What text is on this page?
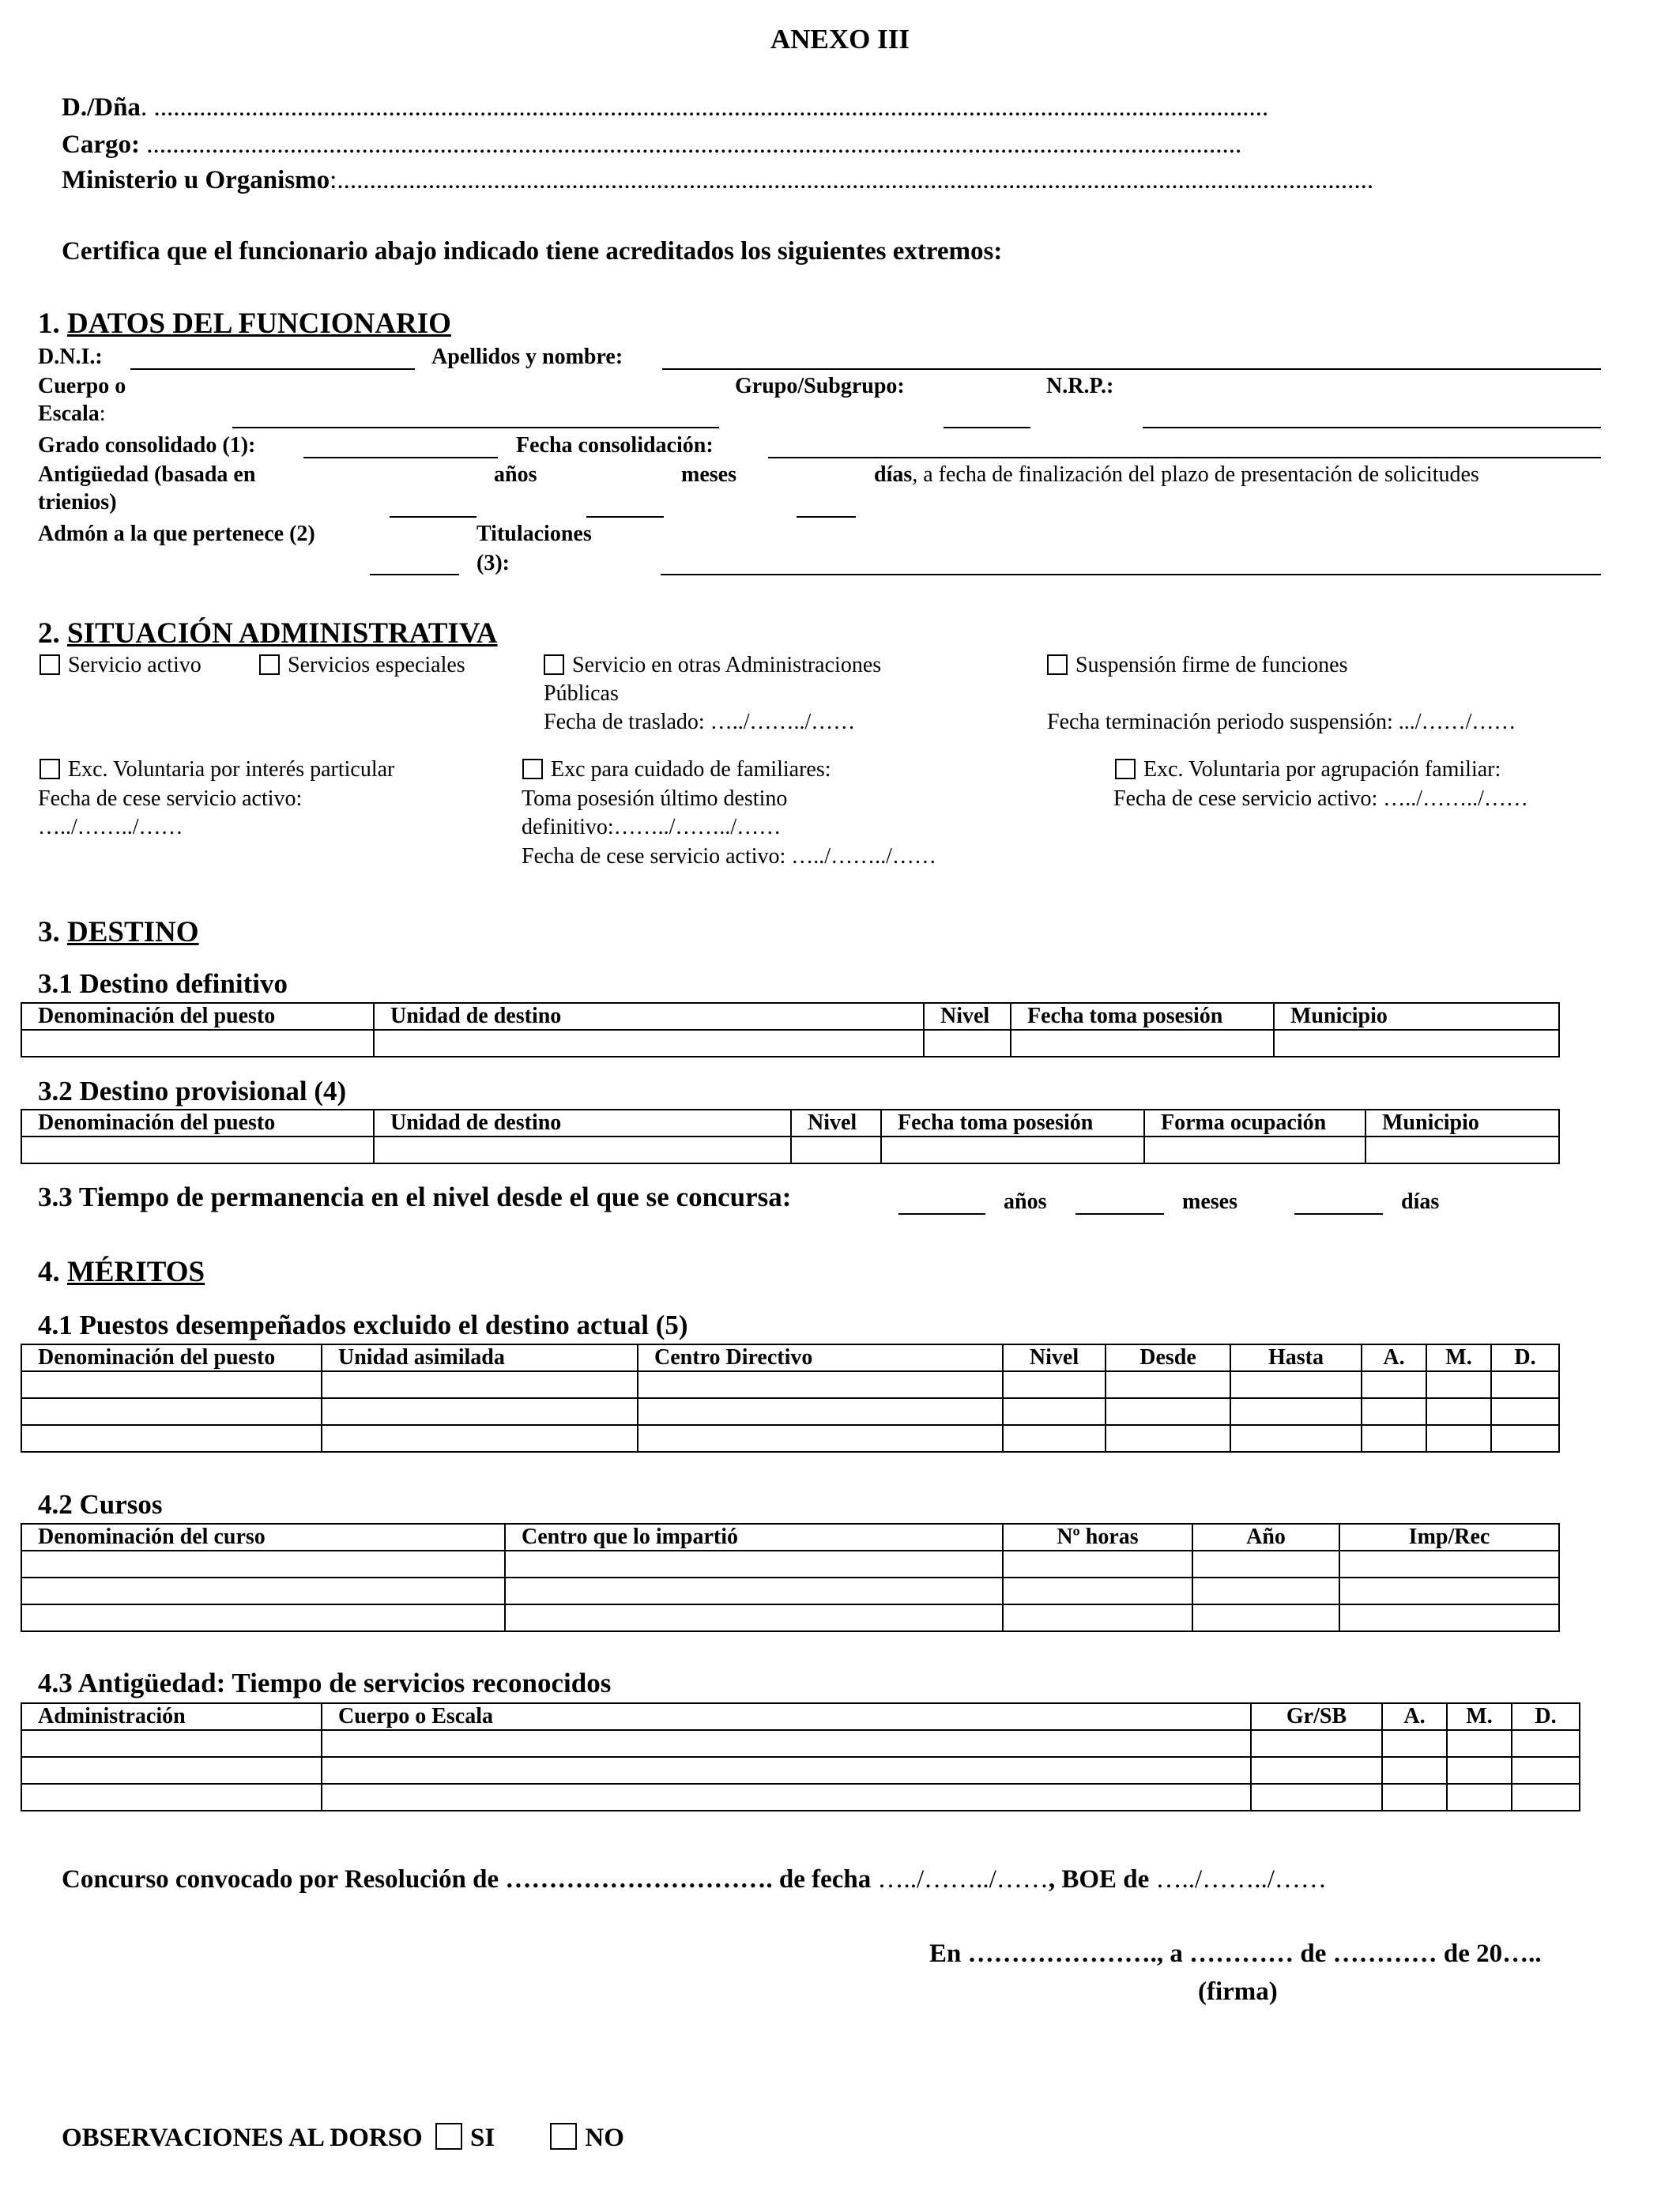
ANEXO III
D./Dña. ...........................................................................................................................................................................
Cargo: ........................................................................................................................................................................
Ministerio u Organismo:...............................................................................................................................................................
Certifica que el funcionario abajo indicado tiene acreditados los siguientes extremos:
1. DATOS DEL FUNCIONARIO
D.N.I.:	Apellidos y nombre:
Cuerpo o
Escala:
Grupo/Subgrupo:	N.R.P.:
Grado consolidado (1):	Fecha consolidación:
Antigüedad (basada en
trienios)
años	meses	días, a fecha de finalización del plazo de presentación de solicitudes
Admón a la que pertenece (2)	Titulaciones
(3):
2. SITUACIÓN ADMINISTRATIVA
Servicio activo	Servicios especiales	Servicio en otras Administraciones
Públicas
Fecha de traslado: …../……../……
Suspensión firme de funciones
Fecha terminación periodo suspensión: .../……/……
Exc. Voluntaria por interés particular
Fecha de cese servicio activo:
…../……../……
Exc para cuidado de familiares:
Toma posesión último destino
definitivo:……../……../……
Fecha de cese servicio activo: …../……../……
Exc. Voluntaria por agrupación familiar:
Fecha de cese servicio activo: …../……../……
3. DESTINO
3.1 Destino definitivo
Denominación del puesto	Unidad de destino	Nivel	Fecha toma posesión	Municipio

3.2 Destino provisional (4)
Denominación del puesto	Unidad de destino	Nivel	Fecha toma posesión	Forma ocupación	Municipio

3.3 Tiempo de permanencia en el nivel desde el que se concursa:	años	meses	días
4. MÉRITOS
4.1 Puestos desempeñados excluido el destino actual (5)
Denominación del puesto	Unidad asimilada	Centro Directivo	Nivel	Desde	Hasta	A.	M.	D.

4.2 Cursos
Denominación del curso	Centro que lo impartió	Nº horas	Año	Imp/Rec

4.3 Antigüedad: Tiempo de servicios reconocidos
Administración	Cuerpo o Escala	Gr/SB	A.	M.	D.

Concurso convocado por Resolución de …………………………. de fecha …../……../……, BOE de …../……../……
En …………………., a ………… de ………… de 20…..
(firma)
OBSERVACIONES AL DORSO SI	NO
